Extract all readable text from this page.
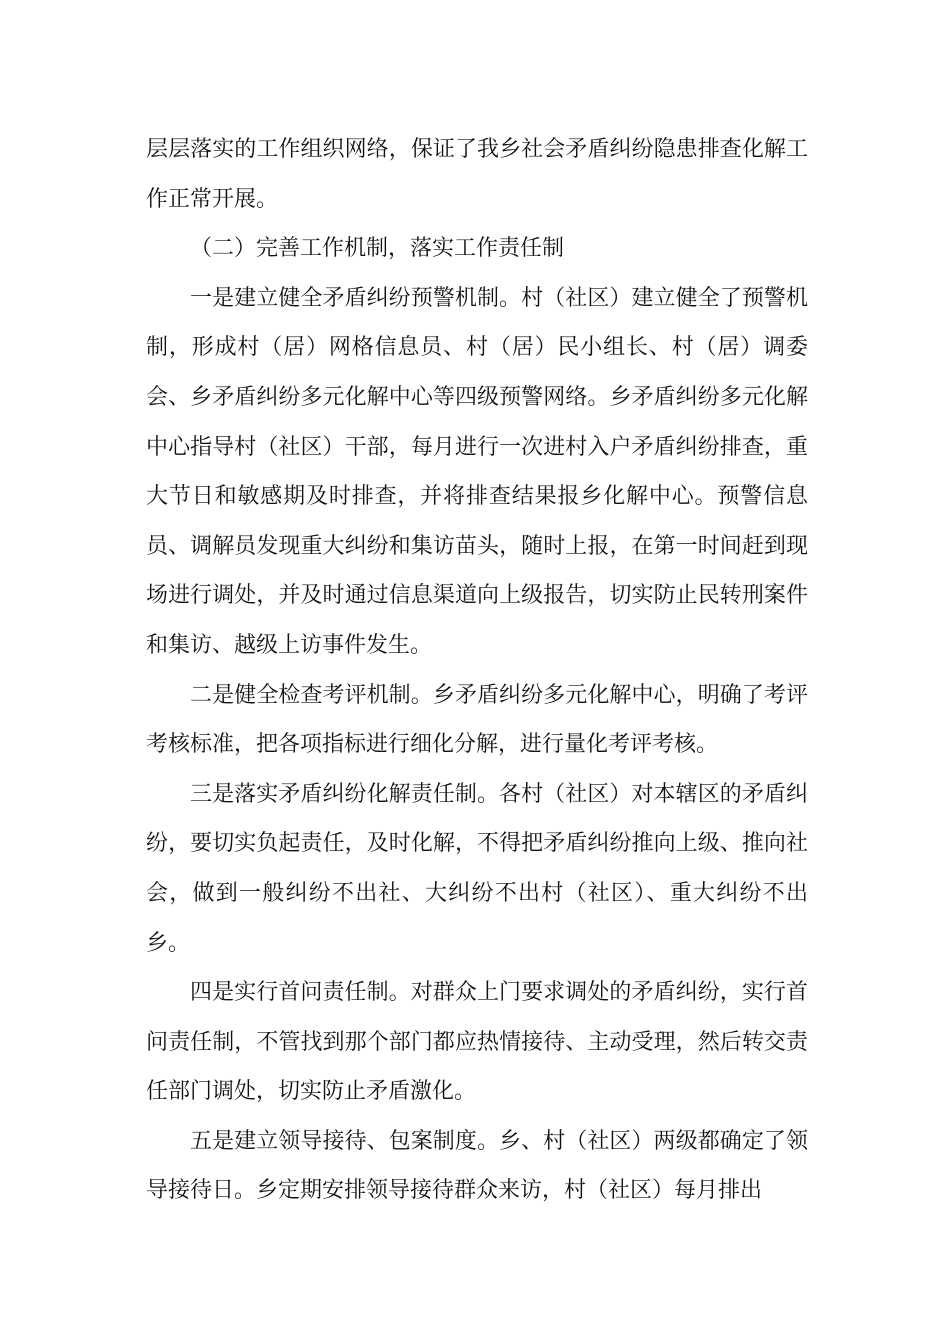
层层落实的工作组织网络，保证了我乡社会矛盾纠纷隐患排查化解工作正常开展。

（二）完善工作机制，落实工作责任制

一是建立健全矛盾纠纷预警机制。村（社区）建立健全了预警机制，形成村（居）网格信息员、村（居）民小组长、村（居）调委会、乡矛盾纠纷多元化解中心等四级预警网络。乡矛盾纠纷多元化解中心指导村（社区）干部，每月进行一次进村入户矛盾纠纷排查，重大节日和敏感期及时排查，并将排查结果报乡化解中心。预警信息员、调解员发现重大纠纷和集访苗头，随时上报，在第一时间赶到现场进行调处，并及时通过信息渠道向上级报告，切实防止民转刑案件和集访、越级上访事件发生。

二是健全检查考评机制。乡矛盾纠纷多元化解中心，明确了考评考核标准，把各项指标进行细化分解，进行量化考评考核。

三是落实矛盾纠纷化解责任制。各村（社区）对本辖区的矛盾纠纷，要切实负起责任，及时化解，不得把矛盾纠纷推向上级、推向社会，做到一般纠纷不出社、大纠纷不出村（社区）、重大纠纷不出乡。

四是实行首问责任制。对群众上门要求调处的矛盾纠纷，实行首问责任制，不管找到那个部门都应热情接待、主动受理，然后转交责任部门调处，切实防止矛盾激化。

五是建立领导接待、包案制度。乡、村（社区）两级都确定了领导接待日。乡定期安排领导接待群众来访，村（社区）每月排出
